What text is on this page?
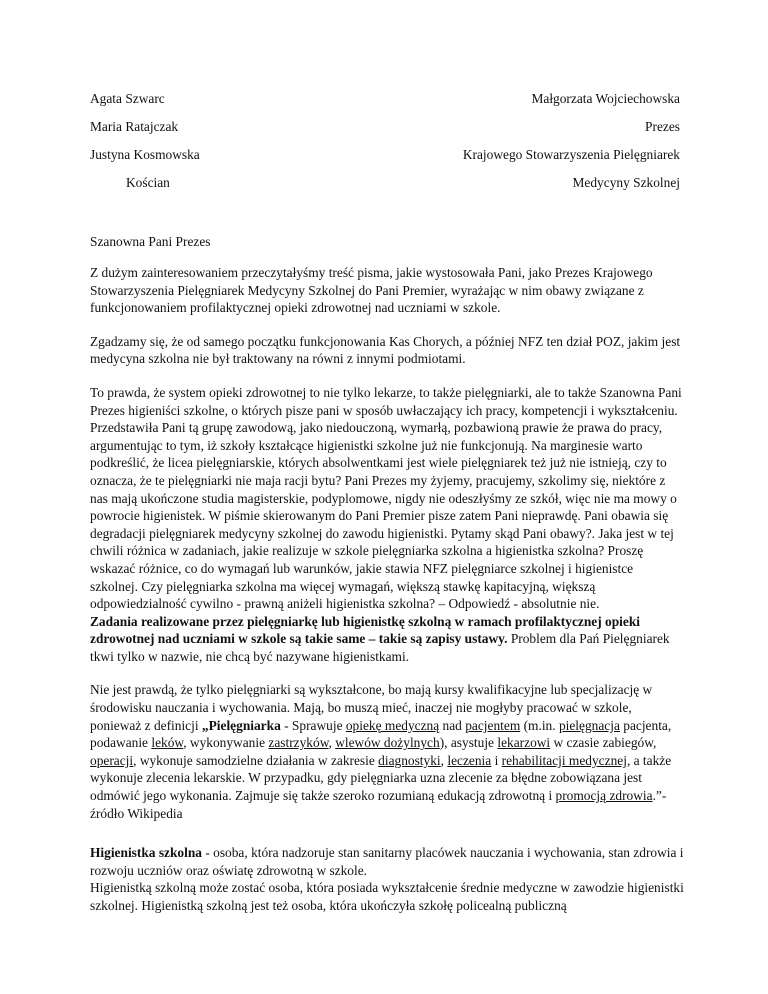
Agata Szwarc
Maria Ratajczak
Justyna Kosmowska
Kościan
Małgorzata Wojciechowska
Prezes
Krajowego Stowarzyszenia Pielęgniarek
Medycyny Szkolnej
Szanowna Pani Prezes

Z dużym zainteresowaniem przeczytałyśmy treść pisma, jakie wystosowała Pani, jako Prezes Krajowego Stowarzyszenia Pielęgniarek Medycyny Szkolnej do Pani Premier, wyrażając w nim obawy związane z funkcjonowaniem profilaktycznej opieki zdrowotnej nad uczniami w szkole.

Zgadzamy się, że od samego początku funkcjonowania Kas Chorych, a później NFZ ten dział POZ, jakim jest medycyna szkolna nie był traktowany na równi z innymi podmiotami.

To prawda, że system opieki zdrowotnej to nie tylko lekarze, to także pielęgniarki, ale to także Szanowna Pani Prezes higieniści szkolne, o których pisze pani w sposób uwłaczający ich pracy, kompetencji i wykształceniu. Przedstawiła Pani tą grupę zawodową, jako niedouczoną, wymarłą, pozbawioną prawie że prawa do pracy, argumentując to tym, iż szkoły kształcące higienistki szkolne już nie funkcjonują. Na marginesie warto podkreślić, że licea pielęgniarskie, których absolwentkami jest wiele pielęgniarek też już nie istnieją, czy to oznacza, że te pielęgniarki nie maja racji bytu? Pani Prezes my żyjemy, pracujemy, szkolimy się, niektóre z nas mają ukończone studia magisterskie, podyplomowe, nigdy nie odeszłyśmy ze szkół, więc nie ma mowy o powrocie higienistek. W piśmie skierowanym do Pani Premier pisze zatem Pani nieprawdę. Pani obawia się degradacji pielęgniarek medycyny szkolnej do zawodu higienistki. Pytamy skąd Pani obawy?. Jaka jest w tej chwili różnica w zadaniach, jakie realizuje w szkole pielęgniarka szkolna a higienistka szkolna? Proszę wskazać różnice, co do wymagań lub warunków, jakie stawia NFZ pielęgniarce szkolnej i higienistce szkolnej. Czy pielęgniarka szkolna ma więcej wymagań, większą stawkę kapitacyjną, większą odpowiedzialność cywilno - prawną aniżeli higienistka szkolna? – Odpowiedź - absolutnie nie.
Zadania realizowane przez pielęgniarkę lub higienistkę szkolną w ramach profilaktycznej opieki zdrowotnej nad uczniami w szkole są takie same – takie są zapisy ustawy. Problem dla Pań Pielęgniarek tkwi tylko w nazwie, nie chcą być nazywane higienistkami.

Nie jest prawdą, że tylko pielęgniarki są wykształcone, bo mają kursy kwalifikacyjne lub specjalizację w środowisku nauczania i wychowania. Mają, bo muszą mieć, inaczej nie mogłyby pracować w szkole, ponieważ z definicji „Pielęgniarka - Sprawuje opiekę medyczną nad pacjentem (m.in. pielęgnacja pacjenta, podawanie leków, wykonywanie zastrzyków, wlewów dożylnych), asystuje lekarzowi w czasie zabiegów, operacji, wykonuje samodzielne działania w zakresie diagnostyki, leczenia i rehabilitacji medycznej, a także wykonuje zlecenia lekarskie. W przypadku, gdy pielęgniarka uzna zlecenie za błędne zobowiązana jest odmówić jego wykonania. Zajmuje się także szeroko rozumianą edukacją zdrowotną i promocją zdrowia.”- źródło Wikipedia

Higienistka szkolna - osoba, która nadzoruje stan sanitarny placówek nauczania i wychowania, stan zdrowia i rozwoju uczniów oraz oświatę zdrowotną w szkole.
Higienistką szkolną może zostać osoba, która posiada wykształcenie średnie medyczne w zawodzie higienistki szkolnej. Higienistką szkolną jest też osoba, która ukończyła szkołę policealną publiczną
